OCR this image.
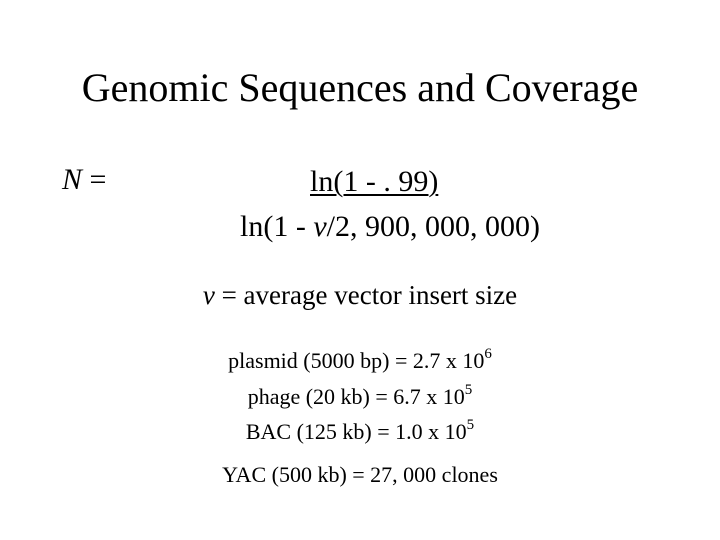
Genomic Sequences and Coverage
N =	ln(1 - . 99)
ln(1 - v/2, 900, 000, 000)
v = average vector insert size
plasmid (5000 bp) = 2.7 x $10^6$
phage (20 kb) = 6.7 x $10^5$
BAC (125 kb) = 1.0 x $10^5$
YAC (500 kb) = 27, 000 clones
